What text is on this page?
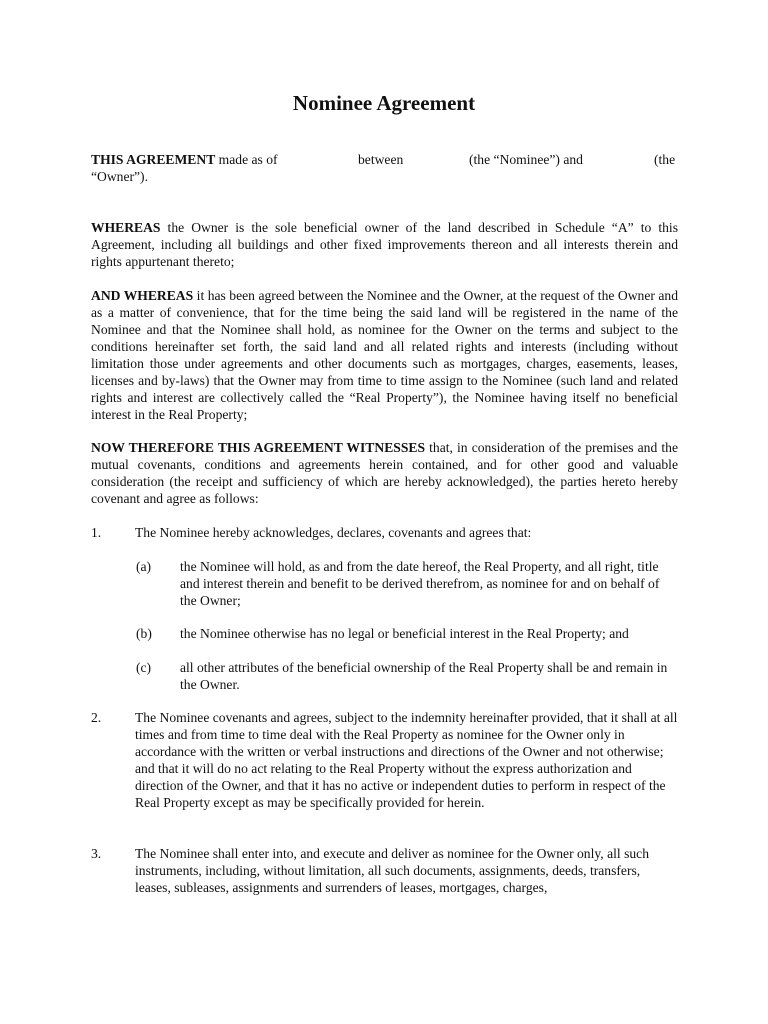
Nominee Agreement
THIS AGREEMENT made as of	between	(the “Nominee”) and	(the
“Owner”).

WHEREAS the Owner is the sole beneficial owner of the land described in Schedule “A” to this Agreement, including all buildings and other fixed improvements thereon and all interests therein and rights appurtenant thereto;

AND WHEREAS it has been agreed between the Nominee and the Owner, at the request of the Owner and as a matter of convenience, that for the time being the said land will be registered in the name of the Nominee and that the Nominee shall hold, as nominee for the Owner on the terms and subject to the conditions hereinafter set forth, the said land and all related rights and interests (including without limitation those under agreements and other documents such as mortgages, charges, easements, leases, licenses and by-laws) that the Owner may from time to time assign to the Nominee (such land and related rights and interest are collectively called the “Real Property”), the Nominee having itself no beneficial interest in the Real Property;

NOW THEREFORE THIS AGREEMENT WITNESSES that, in consideration of the premises and the mutual covenants, conditions and agreements herein contained, and for other good and valuable consideration (the receipt and sufficiency of which are hereby acknowledged), the parties hereto hereby covenant and agree as follows:

1. The Nominee hereby acknowledges, declares, covenants and agrees that:
(a) the Nominee will hold, as and from the date hereof, the Real Property, and all right, title and interest therein and benefit to be derived therefrom, as nominee for and on behalf of the Owner;
(b) the Nominee otherwise has no legal or beneficial interest in the Real Property; and
(c) all other attributes of the beneficial ownership of the Real Property shall be and remain in the Owner.
2. The Nominee covenants and agrees, subject to the indemnity hereinafter provided, that it shall at all times and from time to time deal with the Real Property as nominee for the Owner only in accordance with the written or verbal instructions and directions of the Owner and not otherwise; and that it will do no act relating to the Real Property without the express authorization and direction of the Owner, and that it has no active or independent duties to perform in respect of the Real Property except as may be specifically provided for herein.
3. The Nominee shall enter into, and execute and deliver as nominee for the Owner only, all such instruments, including, without limitation, all such documents, assignments, deeds, transfers, leases, subleases, assignments and surrenders of leases, mortgages, charges,
